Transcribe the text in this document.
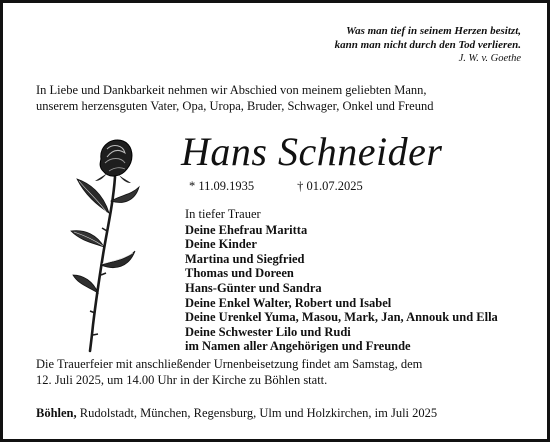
Was man tief in seinem Herzen besitzt,
kann man nicht durch den Tod verlieren.
J. W. v. Goethe
In Liebe und Dankbarkeit nehmen wir Abschied von meinem geliebten Mann,
unserem herzensguten Vater, Opa, Uropa, Bruder, Schwager, Onkel und Freund
Hans Schneider
* 11.09.1935	† 01.07.2025
In tiefer Trauer
Deine Ehefrau Maritta
Deine Kinder
Martina und Siegfried
Thomas und Doreen
Hans-Günter und Sandra
Deine Enkel Walter, Robert und Isabel
Deine Urenkel Yuma, Masou, Mark, Jan, Annouk und Ella
Deine Schwester Lilo und Rudi
im Namen aller Angehörigen und Freunde
Die Trauerfeier mit anschließender Urnenbeisetzung findet am Samstag, dem
12. Juli 2025, um 14.00 Uhr in der Kirche zu Böhlen statt.
Böhlen, Rudolstadt, München, Regensburg, Ulm und Holzkirchen, im Juli 2025
